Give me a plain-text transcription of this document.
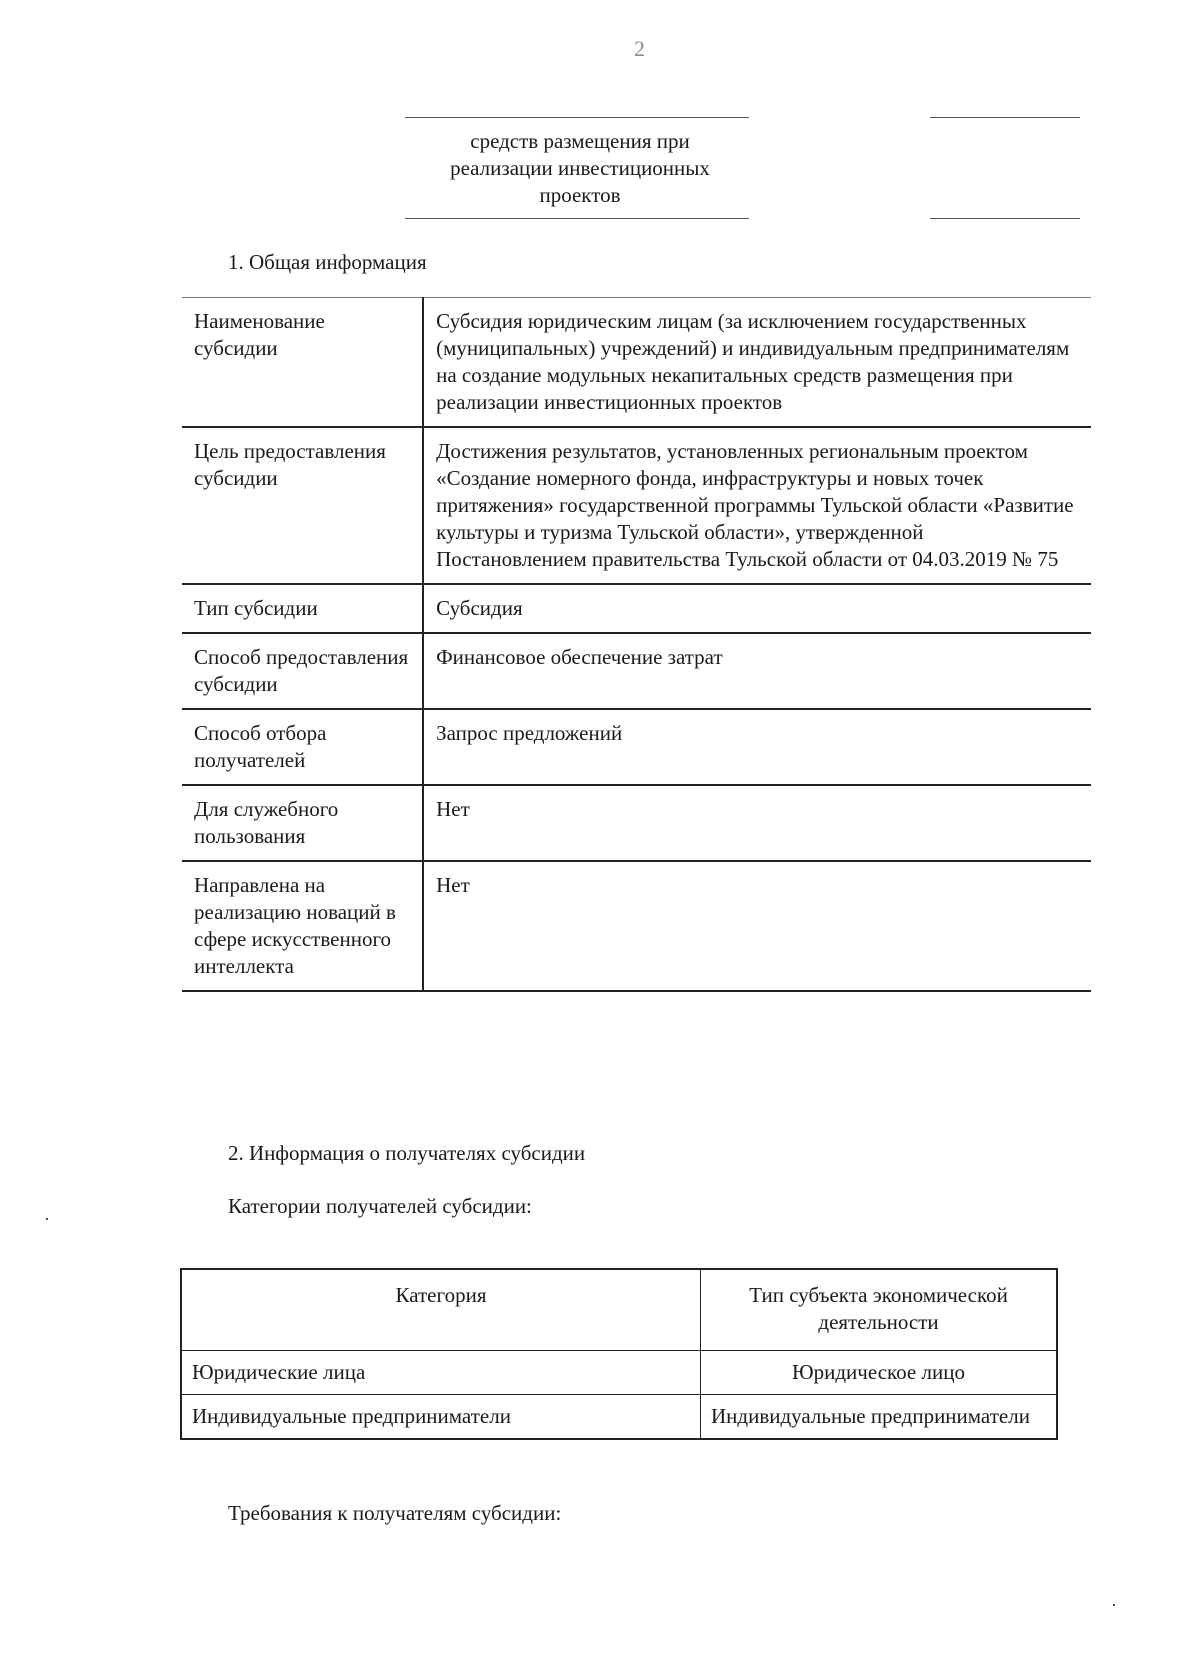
2
средств размещения при
реализации инвестиционных
проектов
1. Общая информация
Наименование субсидии	Субсидия юридическим лицам (за исключением государственных (муниципальных) учреждений) и индивидуальным предпринимателям на создание модульных некапитальных средств размещения при реализации инвестиционных проектов
Цель предоставления субсидии	Достижения результатов, установленных региональным проектом «Создание номерного фонда, инфраструктуры и новых точек притяжения» государственной программы Тульской области «Развитие культуры и туризма Тульской области», утвержденной Постановлением правительства Тульской области от 04.03.2019 № 75
Тип субсидии	Субсидия
Способ предоставления субсидии	Финансовое обеспечение затрат
Способ отбора получателей	Запрос предложений
Для служебного пользования	Нет
Направлена на реализацию новаций в сфере искусственного интеллекта	Нет
2. Информация о получателях субсидии
Категории получателей субсидии:
Категория	Тип субъекта экономической деятельности
Юридические лица	Юридическое лицо
Индивидуальные предприниматели	Индивидуальные предприниматели
Требования к получателям субсидии:
